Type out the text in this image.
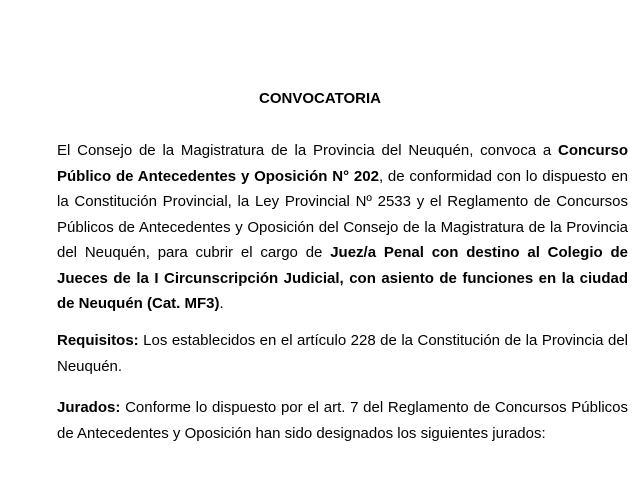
CONVOCATORIA

El Consejo de la Magistratura de la Provincia del Neuquén, convoca a Concurso Público de Antecedentes y Oposición N° 202, de conformidad con lo dispuesto en la Constitución Provincial, la Ley Provincial Nº 2533 y el Reglamento de Concursos Públicos de Antecedentes y Oposición del Consejo de la Magistratura de la Provincia del Neuquén, para cubrir el cargo de Juez/a Penal con destino al Colegio de Jueces de la I Circunscripción Judicial, con asiento de funciones en la ciudad de Neuquén (Cat. MF3).

Requisitos: Los establecidos en el artículo 228 de la Constitución de la Provincia del Neuquén.

Jurados: Conforme lo dispuesto por el art. 7 del Reglamento de Concursos Públicos de Antecedentes y Oposición han sido designados los siguientes jurados:
